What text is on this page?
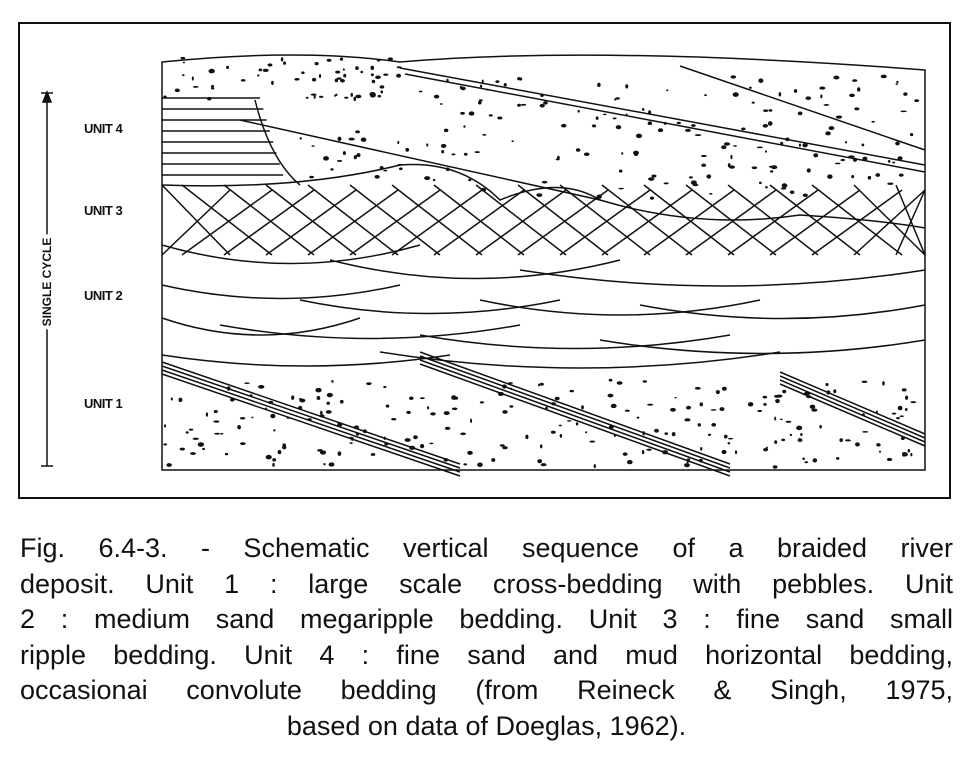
SINGLE CYCLE
UNIT 4
UNIT 3
UNIT 2
UNIT 1
Fig. 6.4-3. - Schematic vertical sequence of a braided river
deposit. Unit 1 : large scale cross-bedding with pebbles. Unit
2 : medium sand megaripple bedding. Unit 3 : fine sand small
ripple bedding. Unit 4 : fine sand and mud horizontal bedding,
occasionai convolute bedding (from Reineck & Singh, 1975,
based on data of Doeglas, 1962).
